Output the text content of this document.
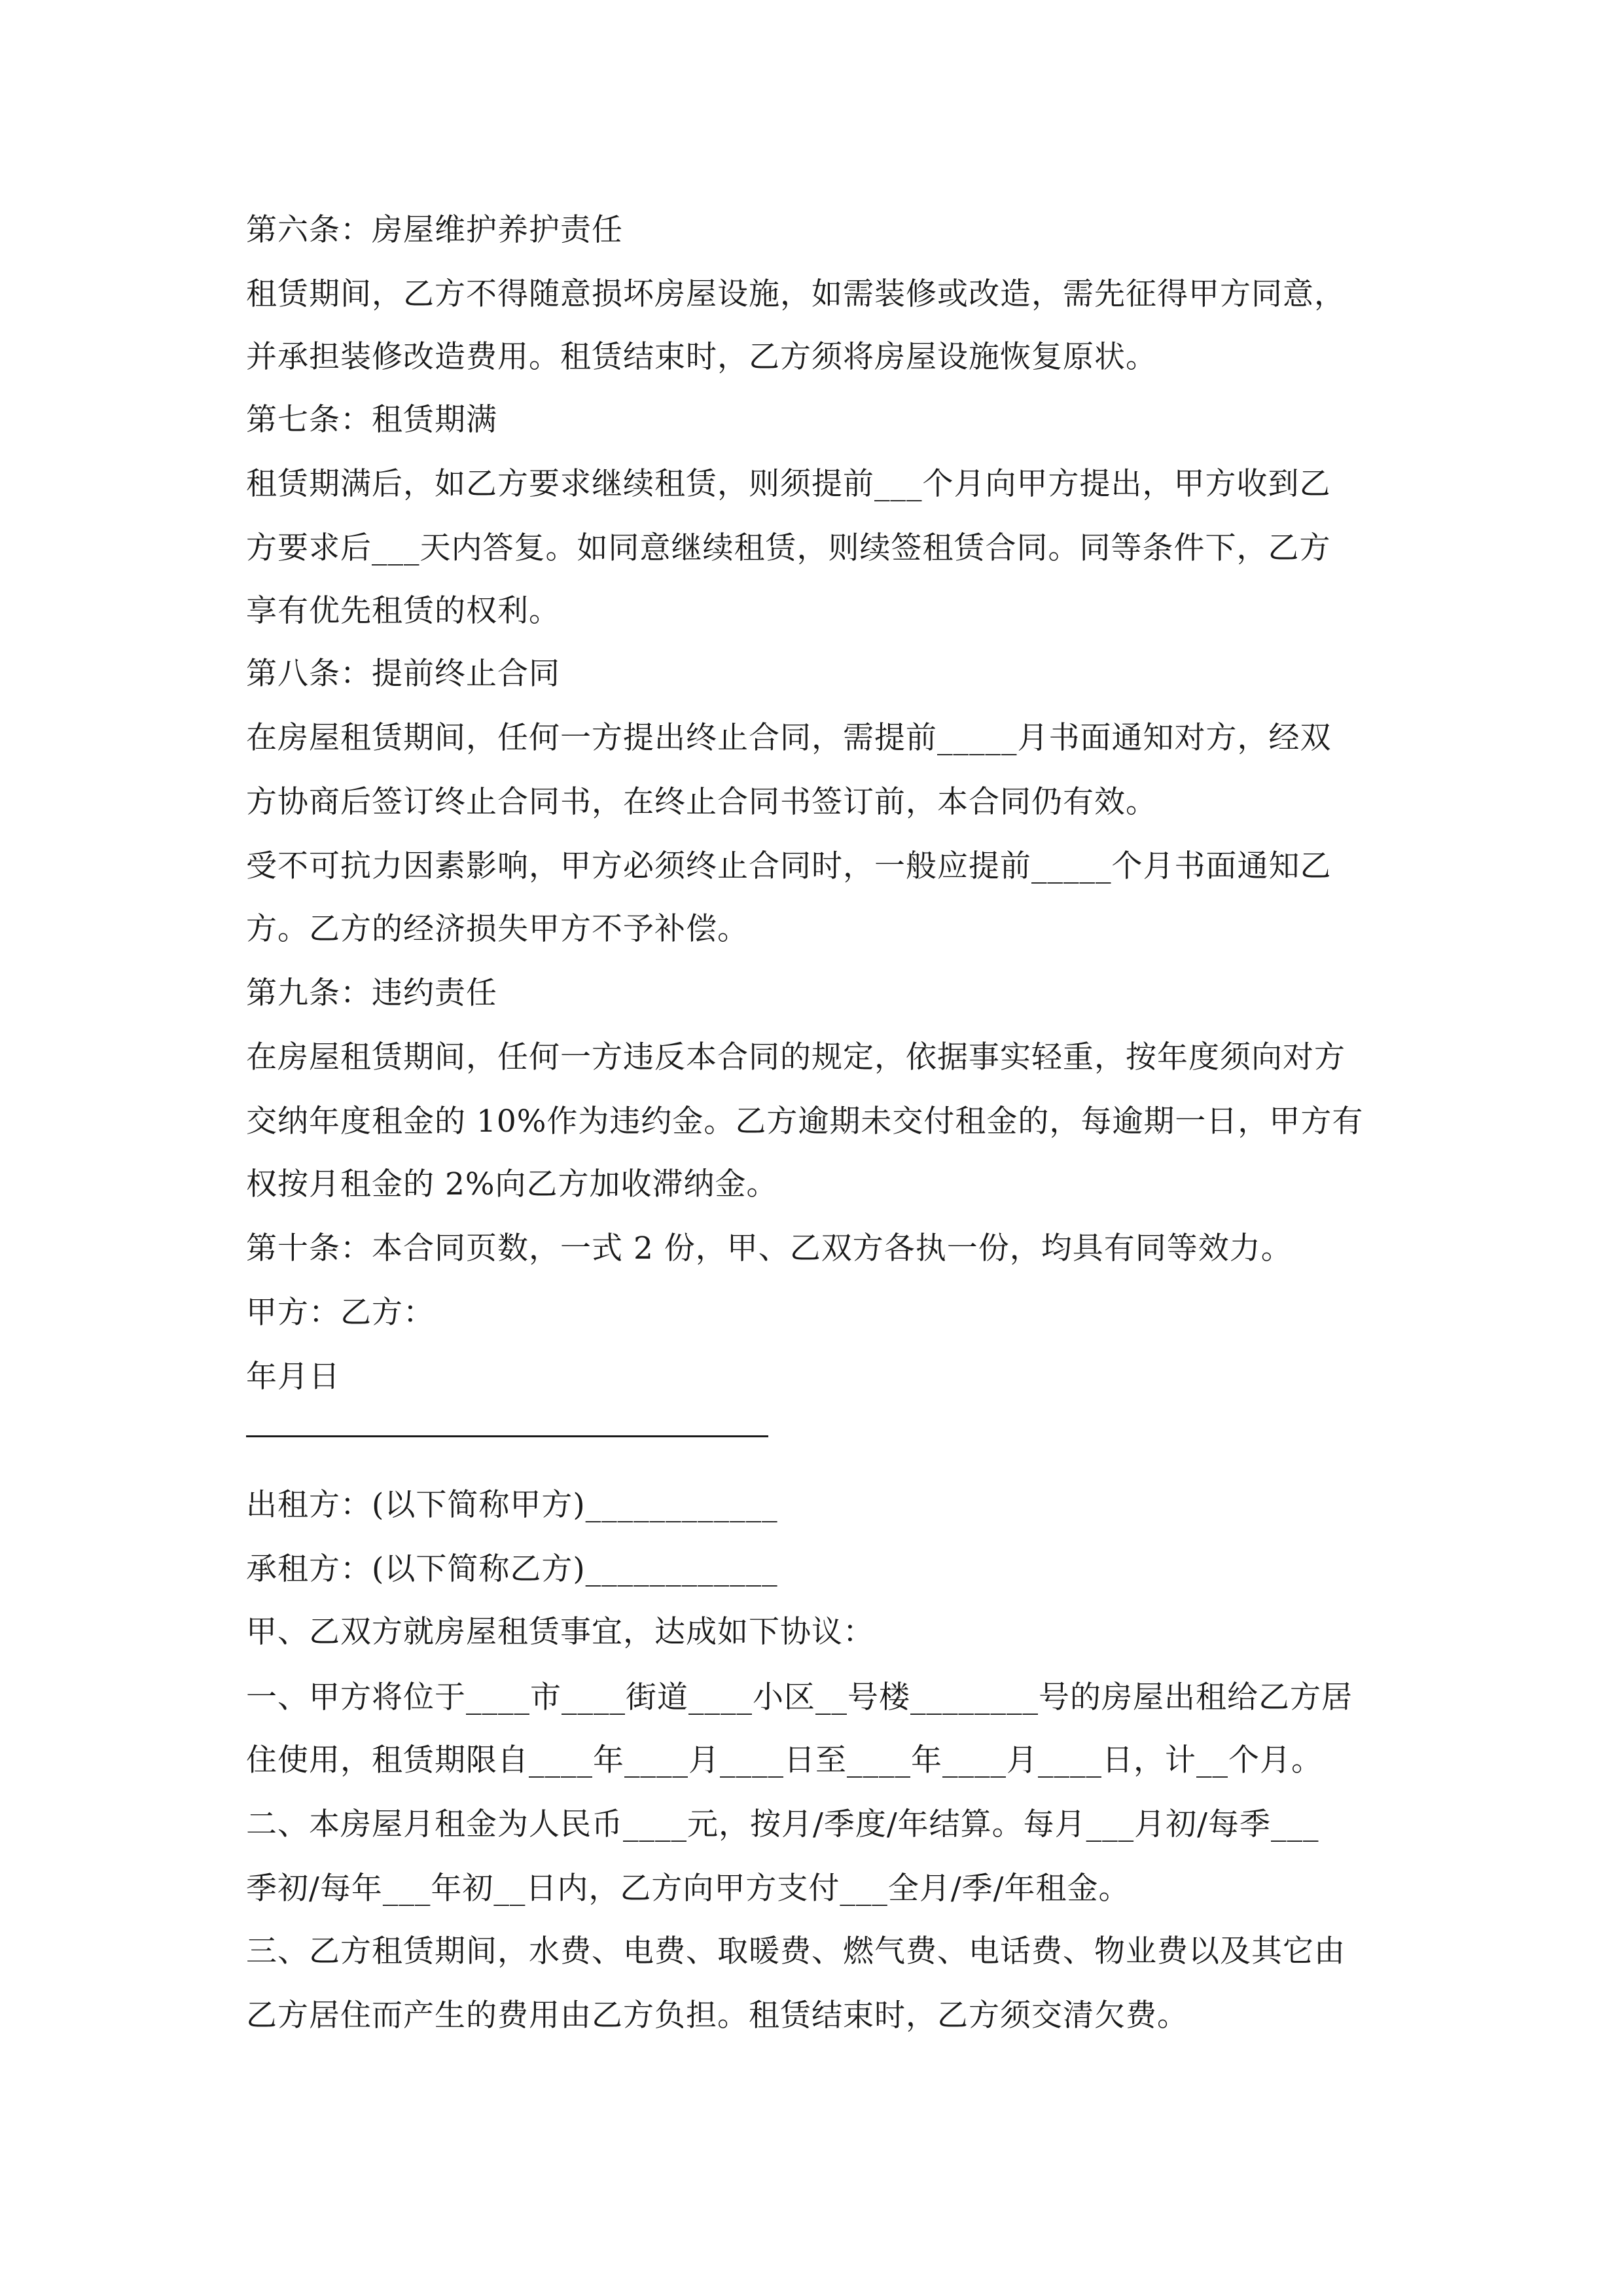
第六条：房屋维护养护责任
租赁期间，乙方不得随意损坏房屋设施，如需装修或改造，需先征得甲方同意，
并承担装修改造费用。租赁结束时，乙方须将房屋设施恢复原状。
第七条：租赁期满
租赁期满后，如乙方要求继续租赁，则须提前___个月向甲方提出，甲方收到乙
方要求后___天内答复。如同意继续租赁，则续签租赁合同。同等条件下，乙方
享有优先租赁的权利。
第八条：提前终止合同
在房屋租赁期间，任何一方提出终止合同，需提前_____月书面通知对方，经双
方协商后签订终止合同书，在终止合同书签订前，本合同仍有效。
受不可抗力因素影响，甲方必须终止合同时，一般应提前_____个月书面通知乙
方。乙方的经济损失甲方不予补偿。
第九条：违约责任
在房屋租赁期间，任何一方违反本合同的规定，依据事实轻重，按年度须向对方
交纳年度租金的 10%作为违约金。乙方逾期未交付租金的，每逾期一日，甲方有
权按月租金的 2%向乙方加收滞纳金。
第十条：本合同页数，一式 2 份，甲、乙双方各执一份，均具有同等效力。
甲方：乙方：
年月日
出租方：(以下简称甲方)____________
承租方：(以下简称乙方)____________
甲、乙双方就房屋租赁事宜，达成如下协议：
一、甲方将位于____市____街道____小区__号楼________号的房屋出租给乙方居
住使用，租赁期限自____年____月____日至____年____月____日，计__个月。
二、本房屋月租金为人民币____元，按月/季度/年结算。每月___月初/每季___
季初/每年___年初__日内，乙方向甲方支付___全月/季/年租金。
三、乙方租赁期间，水费、电费、取暖费、燃气费、电话费、物业费以及其它由
乙方居住而产生的费用由乙方负担。租赁结束时，乙方须交清欠费。
